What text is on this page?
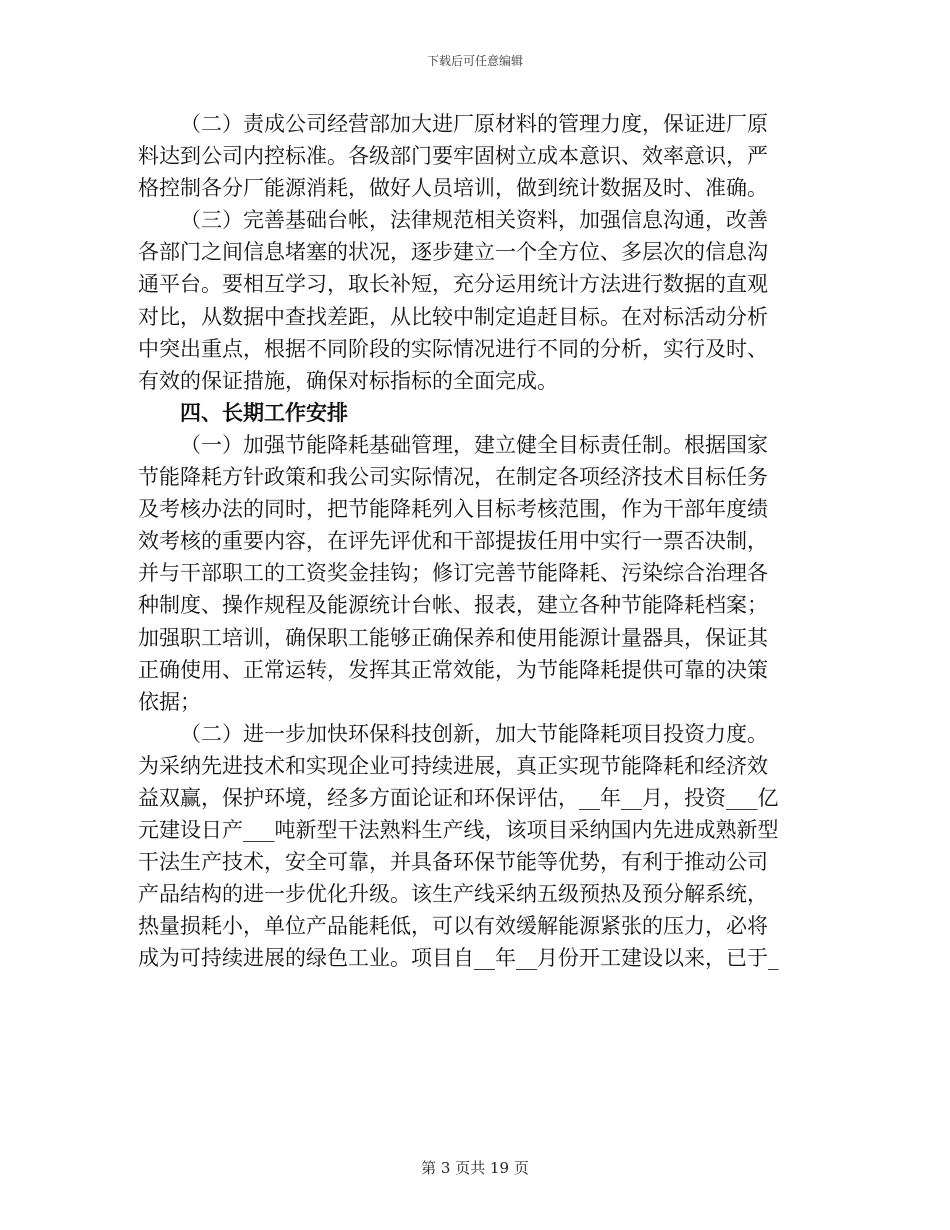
下载后可任意编辑
（二）责成公司经营部加大进厂原材料的管理力度，保证进厂原
料达到公司内控标准。各级部门要牢固树立成本意识、效率意识，严
格控制各分厂能源消耗，做好人员培训，做到统计数据及时、准确。
（三）完善基础台帐，法律规范相关资料，加强信息沟通，改善
各部门之间信息堵塞的状况，逐步建立一个全方位、多层次的信息沟
通平台。要相互学习，取长补短，充分运用统计方法进行数据的直观
对比，从数据中查找差距，从比较中制定追赶目标。在对标活动分析
中突出重点，根据不同阶段的实际情况进行不同的分析，实行及时、
有效的保证措施，确保对标指标的全面完成。
四、长期工作安排
（一）加强节能降耗基础管理，建立健全目标责任制。根据国家
节能降耗方针政策和我公司实际情况，在制定各项经济技术目标任务
及考核办法的同时，把节能降耗列入目标考核范围，作为干部年度绩
效考核的重要内容，在评先评优和干部提拔任用中实行一票否决制，
并与干部职工的工资奖金挂钩；修订完善节能降耗、污染综合治理各
种制度、操作规程及能源统计台帐、报表，建立各种节能降耗档案；
加强职工培训，确保职工能够正确保养和使用能源计量器具，保证其
正确使用、正常运转，发挥其正常效能，为节能降耗提供可靠的决策
依据；
（二）进一步加快环保科技创新，加大节能降耗项目投资力度。
为采纳先进技术和实现企业可持续进展，真正实现节能降耗和经济效
益双赢，保护环境，经多方面论证和环保评估，__年__月，投资___亿
元建设日产___吨新型干法熟料生产线，该项目采纳国内先进成熟新型
干法生产技术，安全可靠，并具备环保节能等优势，有利于推动公司
产品结构的进一步优化升级。该生产线采纳五级预热及预分解系统，
热量损耗小，单位产品能耗低，可以有效缓解能源紧张的压力，必将
成为可持续进展的绿色工业。项目自__年__月份开工建设以来，已于_
第 3 页共 19 页
